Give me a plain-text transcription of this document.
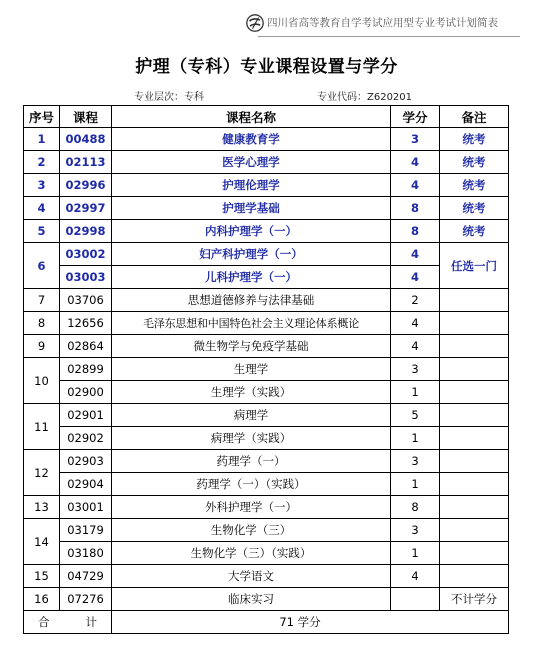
四川省高等教育自学考试应用型专业考试计划简表
护理（专科）专业课程设置与学分
专业层次：专科	专业代码：Z620201
序号	课程	课程名称	学分	备注
1	00488	健康教育学	3	统考
2	02113	医学心理学	4	统考
3	02996	护理伦理学	4	统考
4	02997	护理学基础	8	统考
5	02998	内科护理学（一）	8	统考
6	03002	妇产科护理学（一）	4	任选一门
	03003	儿科护理学（一）	4	
7	03706	思想道德修养与法律基础	2	
8	12656	毛泽东思想和中国特色社会主义理论体系概论	4	
9	02864	微生物学与免疫学基础	4	
10	02899	生理学	3	
	02900	生理学（实践）	1	
11	02901	病理学	5	
	02902	病理学（实践）	1	
12	02903	药理学（一）	3	
	02904	药理学（一）（实践）	1	
13	03001	外科护理学（一）	8	
14	03179	生物化学（三）	3	
	03180	生物化学（三）（实践）	1	
15	04729	大学语文	4	
16	07276	临床实习		不计学分
合 计		71 学分		
